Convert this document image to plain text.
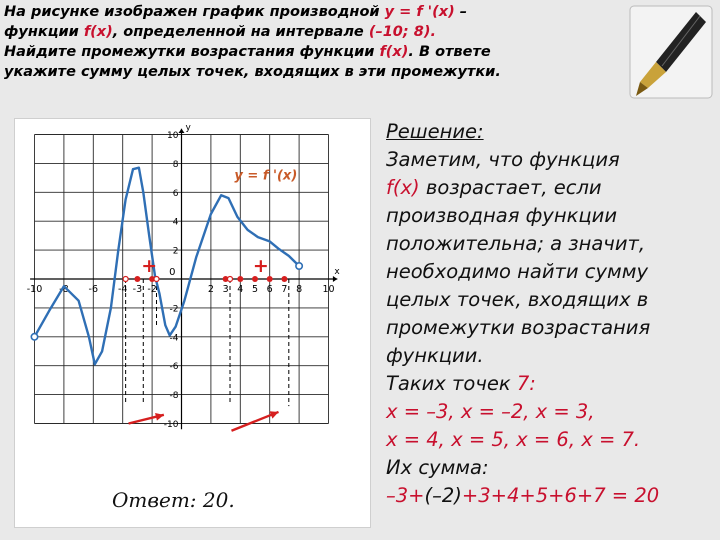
На рисунке изображен график производной y = f '(x) –
функции f(x), определенной на интервале (–10; 8).
Найдите промежутки возрастания функции f(x). В ответе
укажите сумму целых точек, входящих в эти промежутки.
x
y
0
-10 -8 -6 -4 -3 -2	2 3 4 5 6 7 8 10
10
8
6
4
2
-2
-4
-6
-8
-10
y = f '(x)
+	+
Ответ: 20.
Решение:
Заметим, что функция
f(x) возрастает, если
производная функции
положительна; а значит,
необходимо найти сумму
целых точек, входящих в
промежутки возрастания
функции.
Таких точек 7:
x = –3, x = –2, x = 3,
x = 4, x = 5, x = 6, x = 7.
Их сумма:
–3+(–2)+3+4+5+6+7 = 20
